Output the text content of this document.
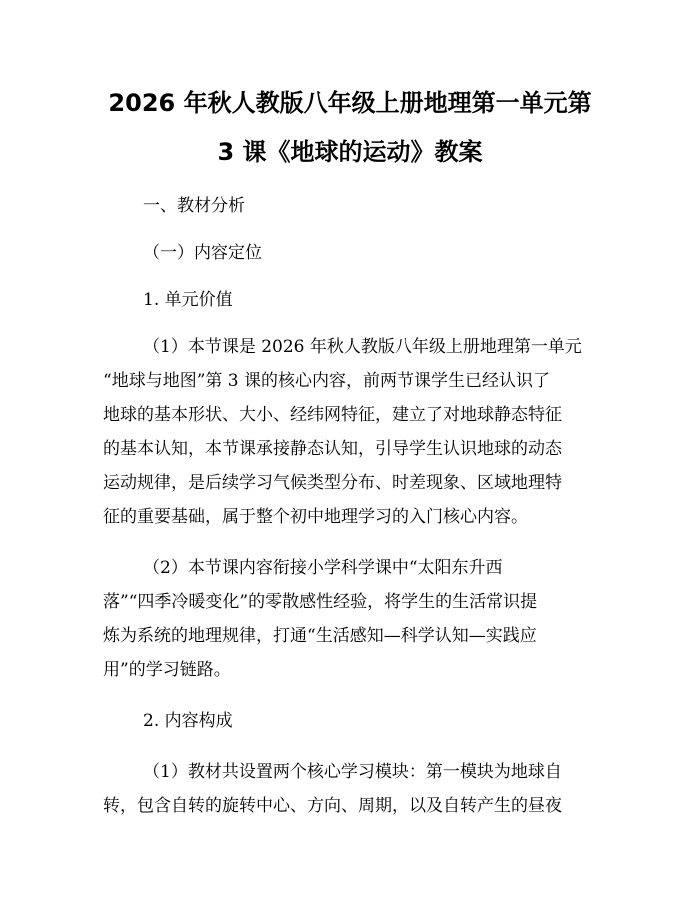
2026 年秋人教版八年级上册地理第一单元第
3 课《地球的运动》教案
一、教材分析
（一）内容定位
1. 单元价值
（1）本节课是 2026 年秋人教版八年级上册地理第一单元
“地球与地图”第 3 课的核心内容，前两节课学生已经认识了
地球的基本形状、大小、经纬网特征，建立了对地球静态特征
的基本认知，本节课承接静态认知，引导学生认识地球的动态
运动规律，是后续学习气候类型分布、时差现象、区域地理特
征的重要基础，属于整个初中地理学习的入门核心内容。
（2）本节课内容衔接小学科学课中“太阳东升西
落”“四季冷暖变化”的零散感性经验，将学生的生活常识提
炼为系统的地理规律，打通“生活感知—科学认知—实践应
用”的学习链路。
2. 内容构成
（1）教材共设置两个核心学习模块：第一模块为地球自
转，包含自转的旋转中心、方向、周期，以及自转产生的昼夜
